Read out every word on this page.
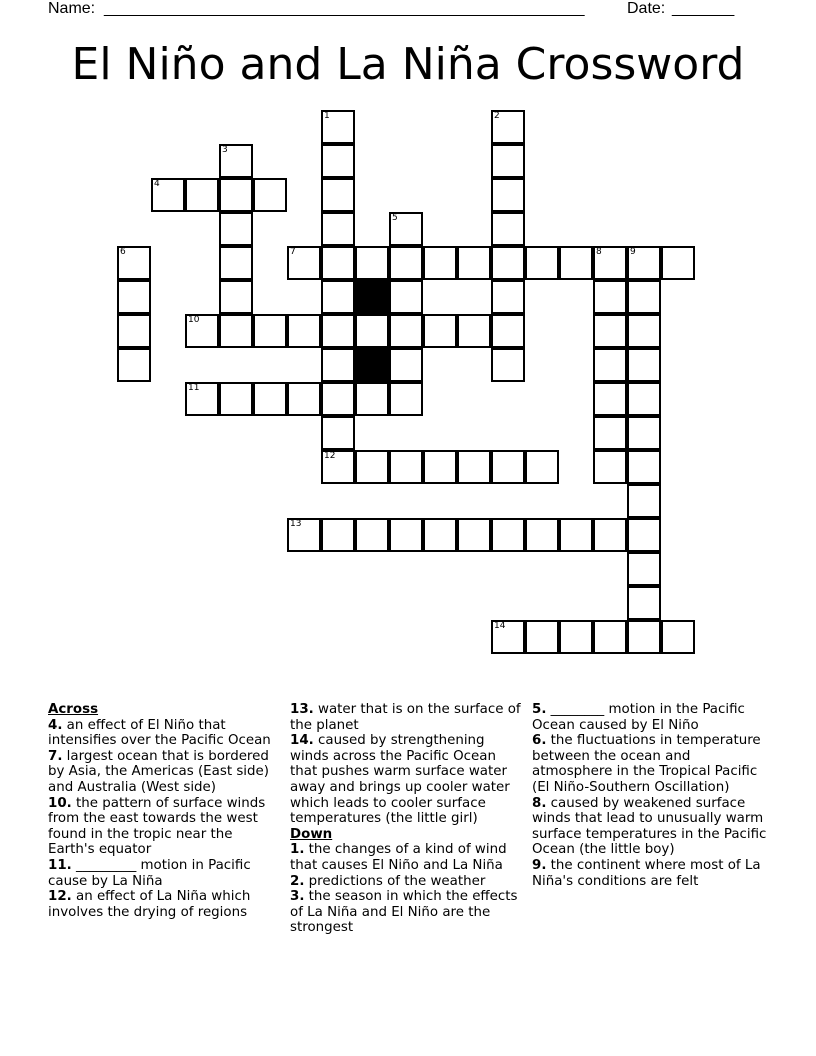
Name: ______________________________________________________	Date: _______
El Niño and La Niña Crossword
1	2
3
4
5
6	7	8	9
10
11
12
13
14
Across
4. an effect of El Niño that intensifies over the Pacific Ocean
7. largest ocean that is bordered by Asia, the Americas (East side) and Australia (West side)
10. the pattern of surface winds from the east towards the west found in the tropic near the Earth's equator
11. _________ motion in Pacific cause by La Niña
12. an effect of La Niña which involves the drying of regions
13. water that is on the surface of the planet
14. caused by strengthening winds across the Pacific Ocean that pushes warm surface water away and brings up cooler water which leads to cooler surface temperatures (the little girl)
Down
1. the changes of a kind of wind that causes El Niño and La Niña
2. predictions of the weather
3. the season in which the effects of La Niña and El Niño are the strongest
5. ________ motion in the Pacific Ocean caused by El Niño
6. the fluctuations in temperature between the ocean and atmosphere in the Tropical Pacific (El Niño-Southern Oscillation)
8. caused by weakened surface winds that lead to unusually warm surface temperatures in the Pacific Ocean (the little boy)
9. the continent where most of La Niña's conditions are felt
